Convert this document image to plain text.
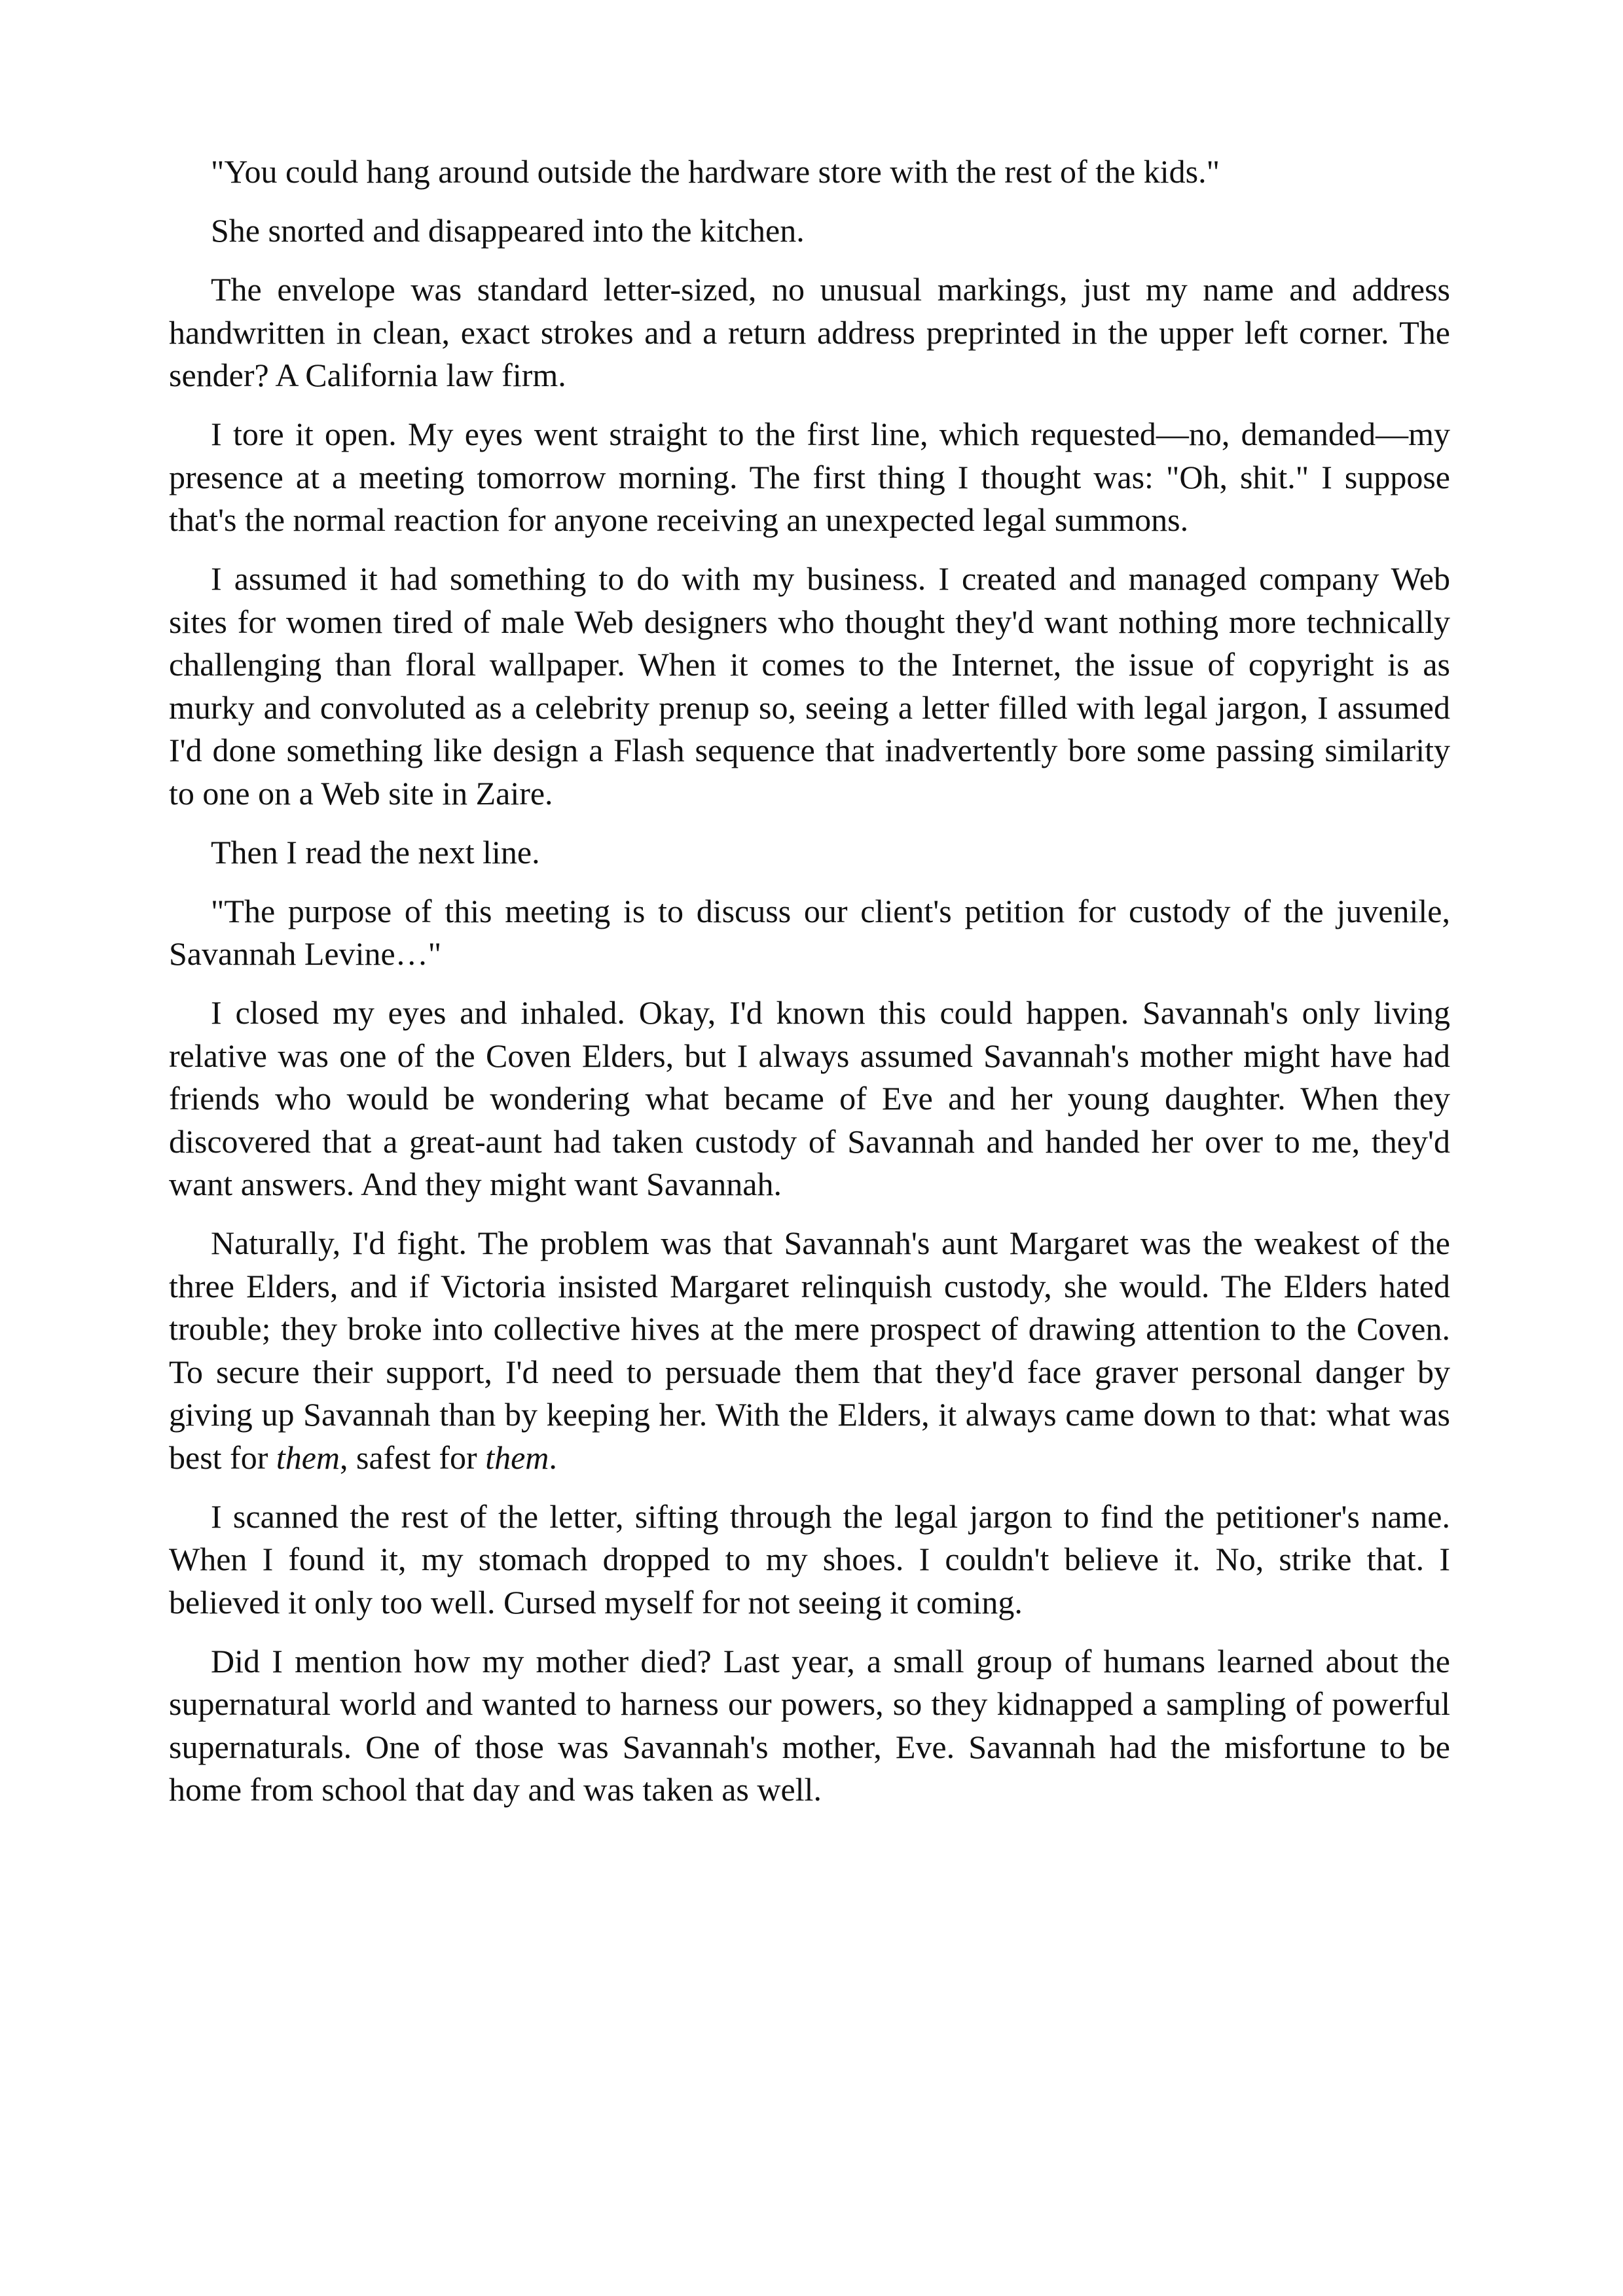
"You could hang around outside the hardware store with the rest of the kids."

She snorted and disappeared into the kitchen.

The envelope was standard letter-sized, no unusual markings, just my name and address handwritten in clean, exact strokes and a return address preprinted in the upper left corner. The sender? A California law firm.

I tore it open. My eyes went straight to the first line, which requested—no, demanded—my presence at a meeting tomorrow morning. The first thing I thought was: "Oh, shit." I suppose that's the normal reaction for anyone receiving an unexpected legal summons.

I assumed it had something to do with my business. I created and managed company Web sites for women tired of male Web designers who thought they'd want nothing more technically challenging than floral wallpaper. When it comes to the Internet, the issue of copyright is as murky and convoluted as a celebrity prenup so, seeing a letter filled with legal jargon, I assumed I'd done something like design a Flash sequence that inadvertently bore some passing similarity to one on a Web site in Zaire.

Then I read the next line.

"The purpose of this meeting is to discuss our client's petition for custody of the juvenile, Savannah Levine…"

I closed my eyes and inhaled. Okay, I'd known this could happen. Savannah's only living relative was one of the Coven Elders, but I always assumed Savannah's mother might have had friends who would be wondering what became of Eve and her young daughter. When they discovered that a great-aunt had taken custody of Savannah and handed her over to me, they'd want answers. And they might want Savannah.

Naturally, I'd fight. The problem was that Savannah's aunt Margaret was the weakest of the three Elders, and if Victoria insisted Margaret relinquish custody, she would. The Elders hated trouble; they broke into collective hives at the mere prospect of drawing attention to the Coven. To secure their support, I'd need to persuade them that they'd face graver personal danger by giving up Savannah than by keeping her. With the Elders, it always came down to that: what was best for them, safest for them.

I scanned the rest of the letter, sifting through the legal jargon to find the petitioner's name. When I found it, my stomach dropped to my shoes. I couldn't believe it. No, strike that. I believed it only too well. Cursed myself for not seeing it coming.

Did I mention how my mother died? Last year, a small group of humans learned about the supernatural world and wanted to harness our powers, so they kidnapped a sampling of powerful supernaturals. One of those was Savannah's mother, Eve. Savannah had the misfortune to be home from school that day and was taken as well.
